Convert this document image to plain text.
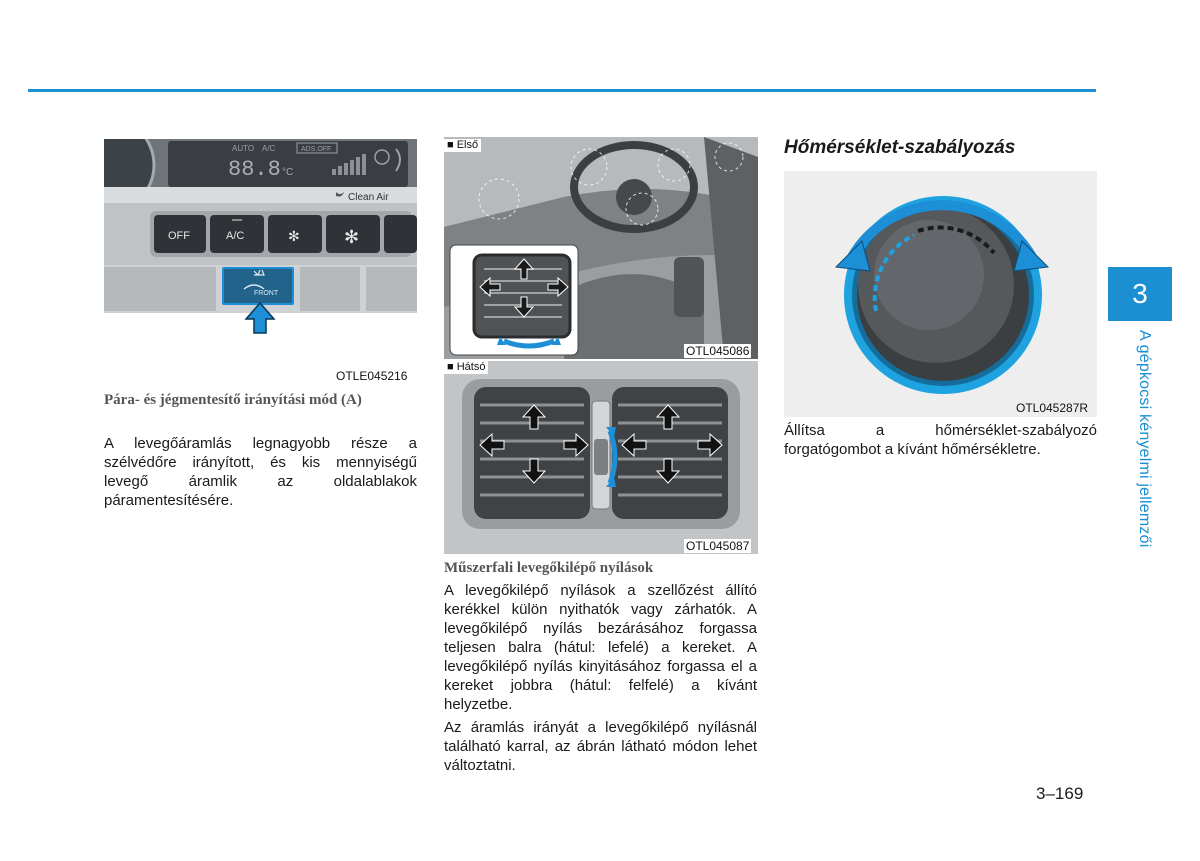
AUTO A/C	ADS.OFF
88.8 °C
Clean Air
OFF	A/C	✻ ✻
FRONT
OTLE045216
Pára- és jégmentesítő irányítási mód (A)

A levegőáramlás legnagyobb része a szélvédőre irányított, és kis mennyiségű levegő áramlik az oldalablakok páramentesítésére.

■ Első
OTL045086
■ Hátsó
OTL045087
Műszerfali levegőkilépő nyílások

A levegőkilépő nyílások a szellőzést állító kerékkel külön nyithatók vagy zárhatók. A levegőkilépő nyílás bezárásához forgassa teljesen balra (hátul: lefelé) a kereket. A levegőkilépő nyílás kinyitásához forgassa el a kereket jobbra (hátul: felfelé) a kívánt helyzetbe.

Az áramlás irányát a levegőkilépő nyílásnál található karral, az ábrán látható módon lehet változtatni.

Hőmérséklet-szabályozás
OTL045287R

Állítsa a hőmérséklet-szabályozó forgatógombot a kívánt hőmérsékletre.

3
A gépkocsi kényelmi jellemzői
3–169
